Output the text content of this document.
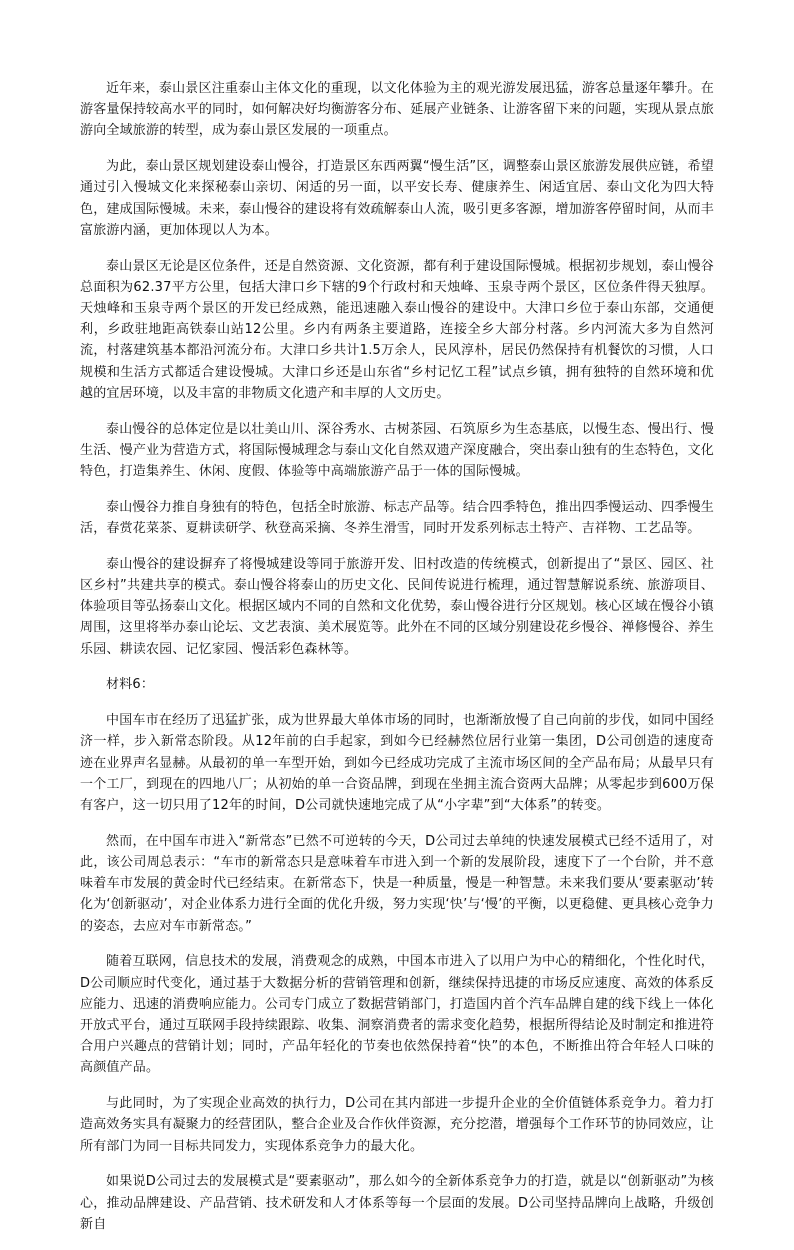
近年来，泰山景区注重泰山主体文化的重现，以文化体验为主的观光游发展迅猛，游客总量逐年攀升。在游客量保持较高水平的同时，如何解决好均衡游客分布、延展产业链条、让游客留下来的问题，实现从景点旅游向全域旅游的转型，成为泰山景区发展的一项重点。

为此，泰山景区规划建设泰山慢谷，打造景区东西两翼“慢生活”区，调整泰山景区旅游发展供应链，希望通过引入慢城文化来探秘泰山亲切、闲适的另一面，以平安长寿、健康养生、闲适宜居、泰山文化为四大特色，建成国际慢城。未来，泰山慢谷的建设将有效疏解泰山人流，吸引更多客源，增加游客停留时间，从而丰富旅游内涵，更加体现以人为本。

泰山景区无论是区位条件，还是自然资源、文化资源，都有利于建设国际慢城。根据初步规划，泰山慢谷总面积为62.37平方公里，包括大津口乡下辖的9个行政村和天烛峰、玉泉寺两个景区，区位条件得天独厚。天烛峰和玉泉寺两个景区的开发已经成熟，能迅速融入泰山慢谷的建设中。大津口乡位于泰山东部，交通便利，乡政驻地距高铁泰山站12公里。乡内有两条主要道路，连接全乡大部分村落。乡内河流大多为自然河流，村落建筑基本都沿河流分布。大津口乡共计1.5万余人，民风淳朴，居民仍然保持有机餐饮的习惯，人口规模和生活方式都适合建设慢城。大津口乡还是山东省“乡村记忆工程”试点乡镇，拥有独特的自然环境和优越的宜居环境，以及丰富的非物质文化遗产和丰厚的人文历史。

泰山慢谷的总体定位是以壮美山川、深谷秀水、古树茶园、石筑原乡为生态基底，以慢生态、慢出行、慢生活、慢产业为营造方式，将国际慢城理念与泰山文化自然双遗产深度融合，突出泰山独有的生态特色，文化特色，打造集养生、休闲、度假、体验等中高端旅游产品于一体的国际慢城。

泰山慢谷力推自身独有的特色，包括全时旅游、标志产品等。结合四季特色，推出四季慢运动、四季慢生活，春赏花菜茶、夏耕读研学、秋登高采摘、冬养生滑雪，同时开发系列标志土特产、吉祥物、工艺品等。

泰山慢谷的建设摒弃了将慢城建设等同于旅游开发、旧村改造的传统模式，创新提出了“景区、园区、社区乡村”共建共享的模式。泰山慢谷将泰山的历史文化、民间传说进行梳理，通过智慧解说系统、旅游项目、体验项目等弘扬泰山文化。根据区域内不同的自然和文化优势，泰山慢谷进行分区规划。核心区域在慢谷小镇周围，这里将举办泰山论坛、文艺表演、美术展览等。此外在不同的区域分别建设花乡慢谷、禅修慢谷、养生乐园、耕读农园、记忆家园、慢活彩色森林等。

材料6：

中国车市在经历了迅猛扩张，成为世界最大单体市场的同时，也渐渐放慢了自己向前的步伐，如同中国经济一样，步入新常态阶段。从12年前的白手起家，到如今已经赫然位居行业第一集团，D公司创造的速度奇迹在业界声名显赫。从最初的单一车型开始，到如今已经成功完成了主流市场区间的全产品布局；从最早只有一个工厂，到现在的四地八厂；从初始的单一合资品牌，到现在坐拥主流合资两大品牌；从零起步到600万保有客户，这一切只用了12年的时间，D公司就快速地完成了从“小字辈”到“大体系”的转变。

然而，在中国车市进入“新常态”已然不可逆转的今天，D公司过去单纯的快速发展模式已经不适用了，对此，该公司周总表示：“车市的新常态只是意味着车市进入到一个新的发展阶段，速度下了一个台阶，并不意味着车市发展的黄金时代已经结束。在新常态下，快是一种质量，慢是一种智慧。未来我们要从‘要素驱动’转化为‘创新驱动’，对企业体系力进行全面的优化升级，努力实现‘快’与‘慢’的平衡，以更稳健、更具核心竞争力的姿态，去应对车市新常态。”

随着互联网，信息技术的发展，消费观念的成熟，中国本市进入了以用户为中心的精细化，个性化时代，D公司顺应时代变化，通过基于大数据分析的营销管理和创新，继续保持迅捷的市场反应速度、高效的体系反应能力、迅速的消费响应能力。公司专门成立了数据营销部门，打造国内首个汽车品牌自建的线下线上一体化开放式平台，通过互联网手段持续跟踪、收集、洞察消费者的需求变化趋势，根据所得结论及时制定和推进符合用户兴趣点的营销计划；同时，产品年轻化的节奏也依然保持着“快”的本色，不断推出符合年轻人口味的高颜值产品。

与此同时，为了实现企业高效的执行力，D公司在其内部进一步提升企业的全价值链体系竞争力。着力打造高效务实具有凝聚力的经营团队，整合企业及合作伙伴资源，充分挖潜，增强每个工作环节的协同效应，让所有部门为同一目标共同发力，实现体系竞争力的最大化。

如果说D公司过去的发展模式是“要素驱动”，那么如今的全新体系竞争力的打造，就是以“创新驱动”为核心，推动品牌建设、产品营销、技术研发和人才体系等每一个层面的发展。D公司坚持品牌向上战略，升级创新自
